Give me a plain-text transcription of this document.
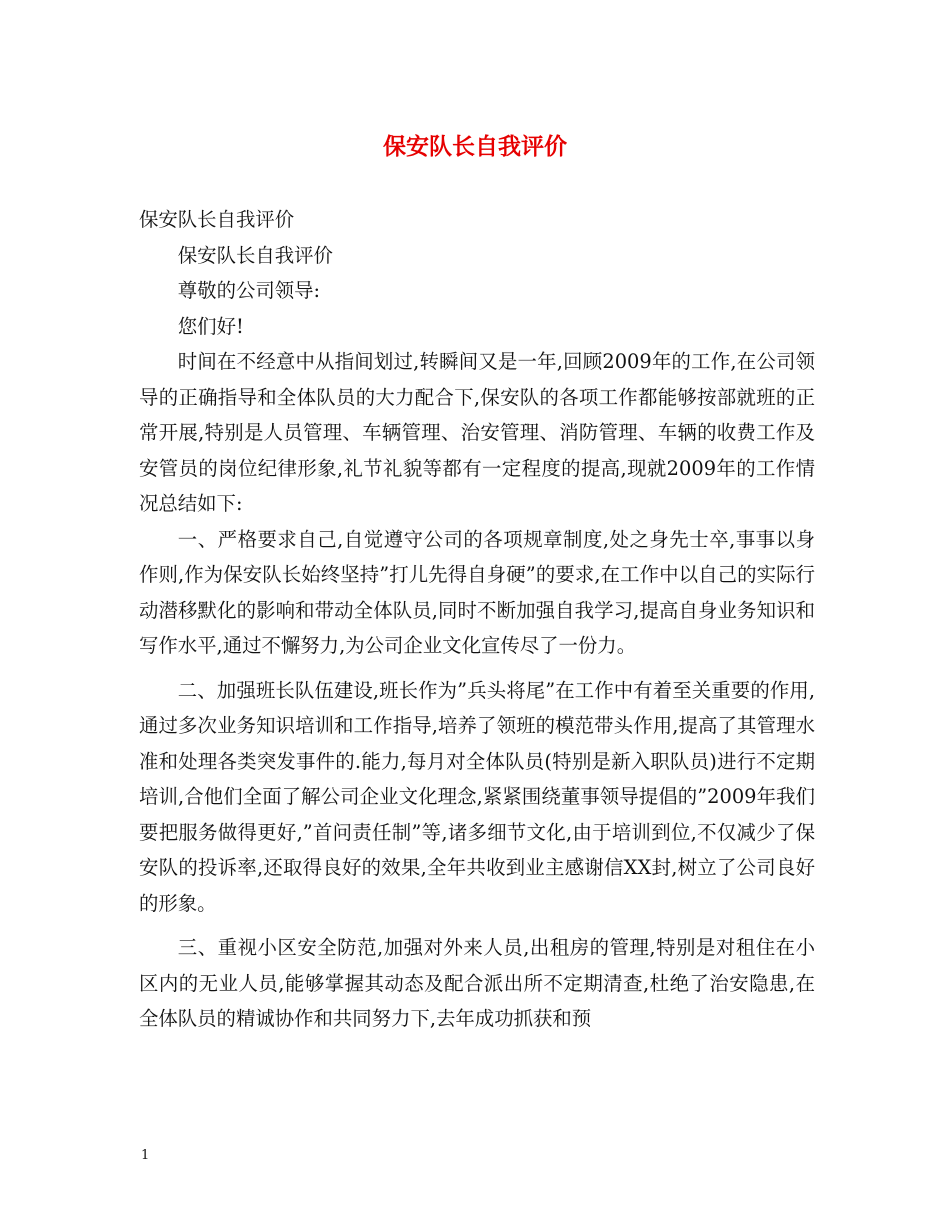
保安队长自我评价

保安队长自我评价

保安队长自我评价

尊敬的公司领导:

您们好!

时间在不经意中从指间划过,转瞬间又是一年,回顾2009年的工作,在公司领导的正确指导和全体队员的大力配合下,保安队的各项工作都能够按部就班的正常开展,特别是人员管理、车辆管理、治安管理、消防管理、车辆的收费工作及安管员的岗位纪律形象,礼节礼貌等都有一定程度的提高,现就2009年的工作情况总结如下:

一、严格要求自己,自觉遵守公司的各项规章制度,处之身先士卒,事事以身作则,作为保安队长始终坚持”打儿先得自身硬”的要求,在工作中以自己的实际行动潜移默化的影响和带动全体队员,同时不断加强自我学习,提高自身业务知识和写作水平,通过不懈努力,为公司企业文化宣传尽了一份力。

二、加强班长队伍建设,班长作为”兵头将尾”在工作中有着至关重要的作用,通过多次业务知识培训和工作指导,培养了领班的模范带头作用,提高了其管理水准和处理各类突发事件的.能力,每月对全体队员(特别是新入职队员)进行不定期培训,合他们全面了解公司企业文化理念,紧紧围绕董事领导提倡的”2009年我们要把服务做得更好,”首问责任制”等,诸多细节文化,由于培训到位,不仅减少了保安队的投诉率,还取得良好的效果,全年共收到业主感谢信XX封,树立了公司良好的形象。

三、重视小区安全防范,加强对外来人员,出租房的管理,特别是对租住在小区内的无业人员,能够掌握其动态及配合派出所不定期清查,杜绝了治安隐患,在全体队员的精诚协作和共同努力下,去年成功抓获和预

1
